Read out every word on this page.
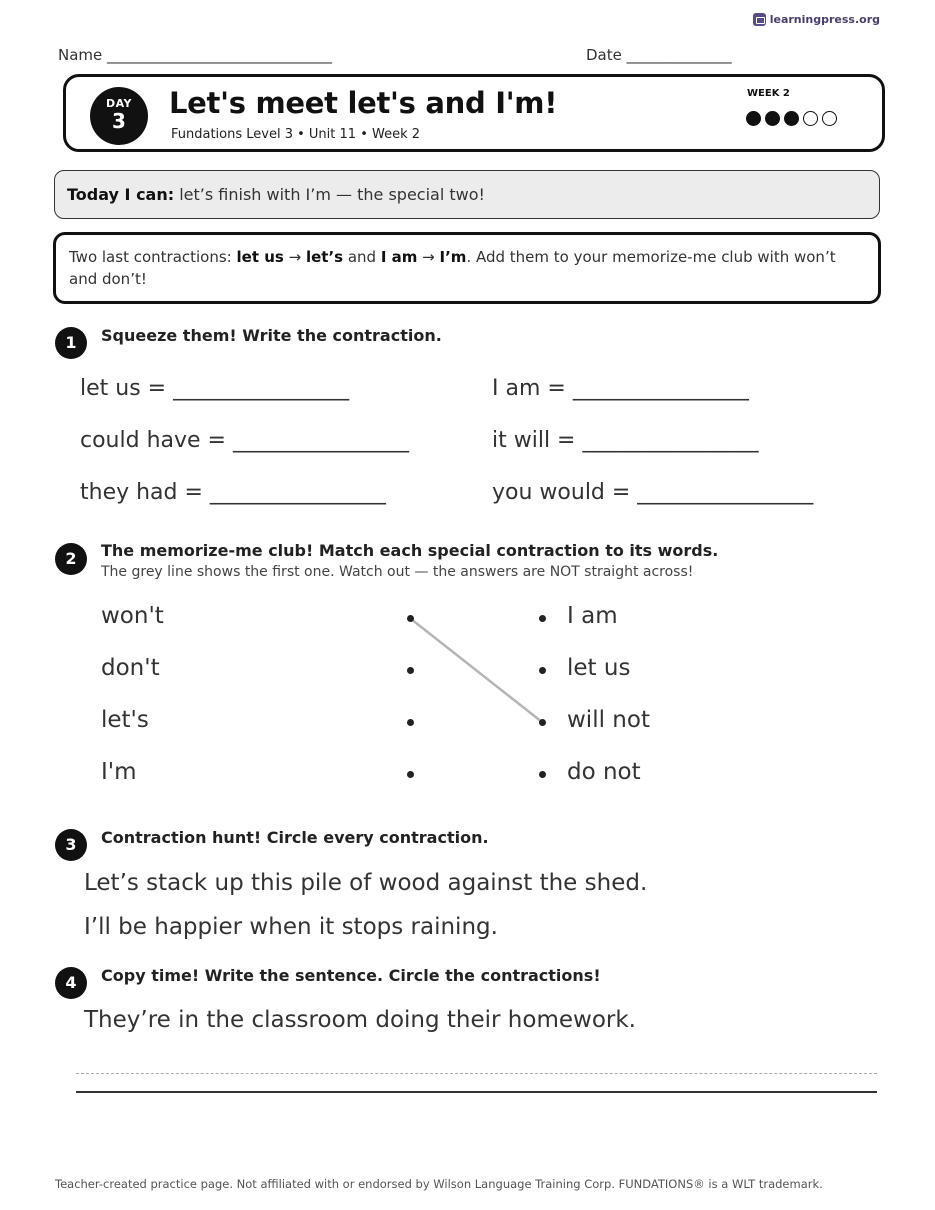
learningpress.org
Name ______________________________	Date ______________
DAY
3
Let's meet let's and I'm!
Fundations Level 3 • Unit 11 • Week 2
WEEK 2
Today I can: let’s finish with I’m — the special two!
Two last contractions: let us → let’s and I am → I’m. Add them to your memorize-me club with won’t and don’t!
1	Squeeze them! Write the contraction.
let us = ________________	I am = ________________
could have = ________________	it will = ________________
they had = ________________	you would = ________________
2	The memorize-me club! Match each special contraction to its words.
The grey line shows the first one. Watch out — the answers are NOT straight across!
won't
don't
let's
I'm
I am
let us
will not
do not
3	Contraction hunt! Circle every contraction.
Let’s stack up this pile of wood against the shed.
I’ll be happier when it stops raining.
4	Copy time! Write the sentence. Circle the contractions!
They’re in the classroom doing their homework.
Teacher-created practice page. Not affiliated with or endorsed by Wilson Language Training Corp. FUNDATIONS® is a WLT trademark.
